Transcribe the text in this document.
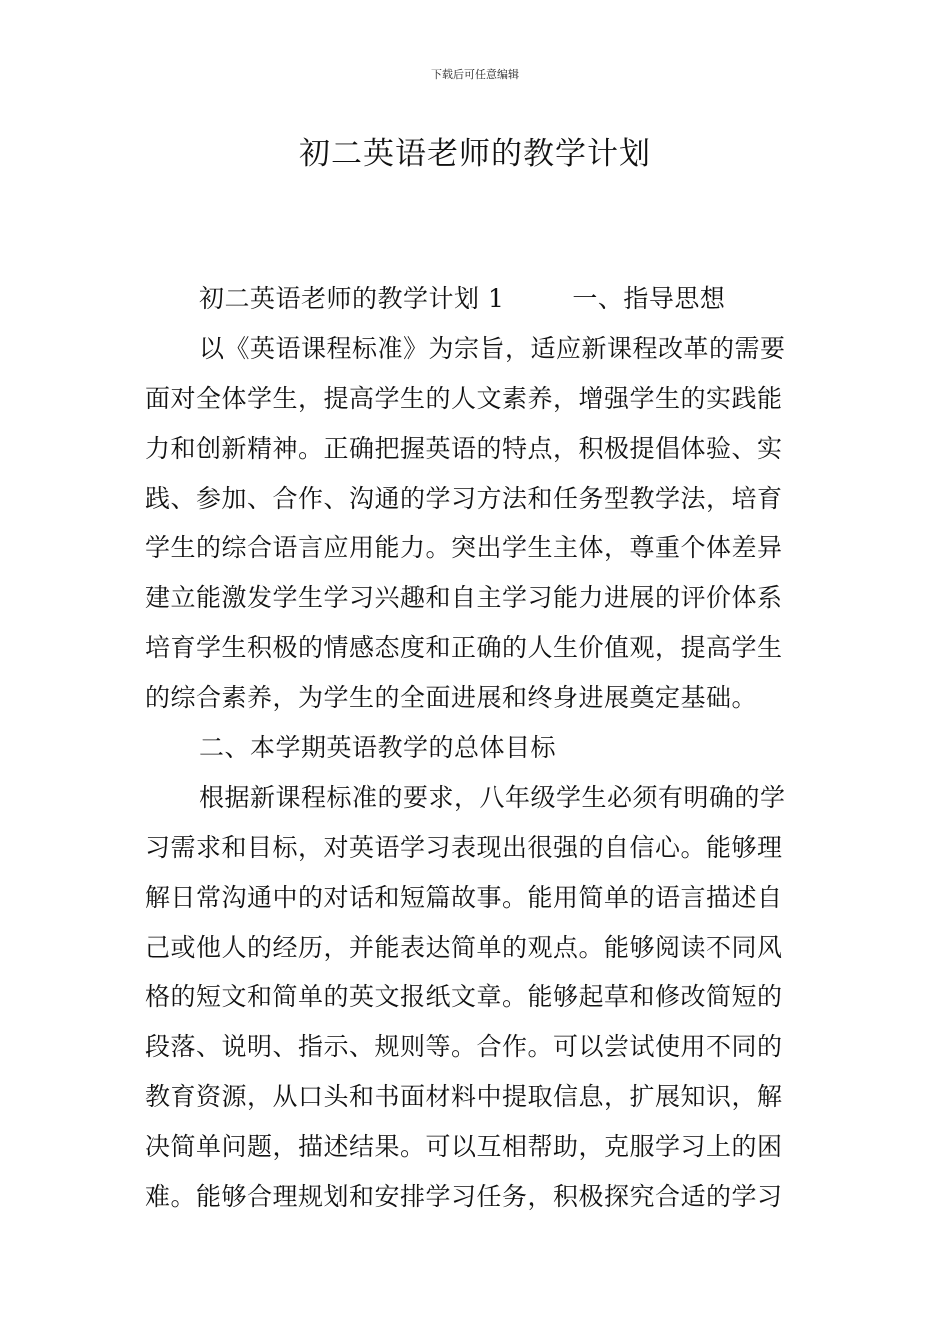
下载后可任意编辑
初二英语老师的教学计划
初二英语老师的教学计划 1	一、指导思想
以《英语课程标准》为宗旨，适应新课程改革的需要
面对全体学生，提高学生的人文素养，增强学生的实践能
力和创新精神。正确把握英语的特点，积极提倡体验、实
践、参加、合作、沟通的学习方法和任务型教学法，培育
学生的综合语言应用能力。突出学生主体，尊重个体差异
建立能激发学生学习兴趣和自主学习能力进展的评价体系
培育学生积极的情感态度和正确的人生价值观，提高学生
的综合素养，为学生的全面进展和终身进展奠定基础。
二、本学期英语教学的总体目标
根据新课程标准的要求，八年级学生必须有明确的学
习需求和目标，对英语学习表现出很强的自信心。能够理
解日常沟通中的对话和短篇故事。能用简单的语言描述自
己或他人的经历，并能表达简单的观点。能够阅读不同风
格的短文和简单的英文报纸文章。能够起草和修改简短的
段落、说明、指示、规则等。合作。可以尝试使用不同的
教育资源，从口头和书面材料中提取信息，扩展知识，解
决简单问题，描述结果。可以互相帮助，克服学习上的困
难。能够合理规划和安排学习任务，积极探究合适的学习
